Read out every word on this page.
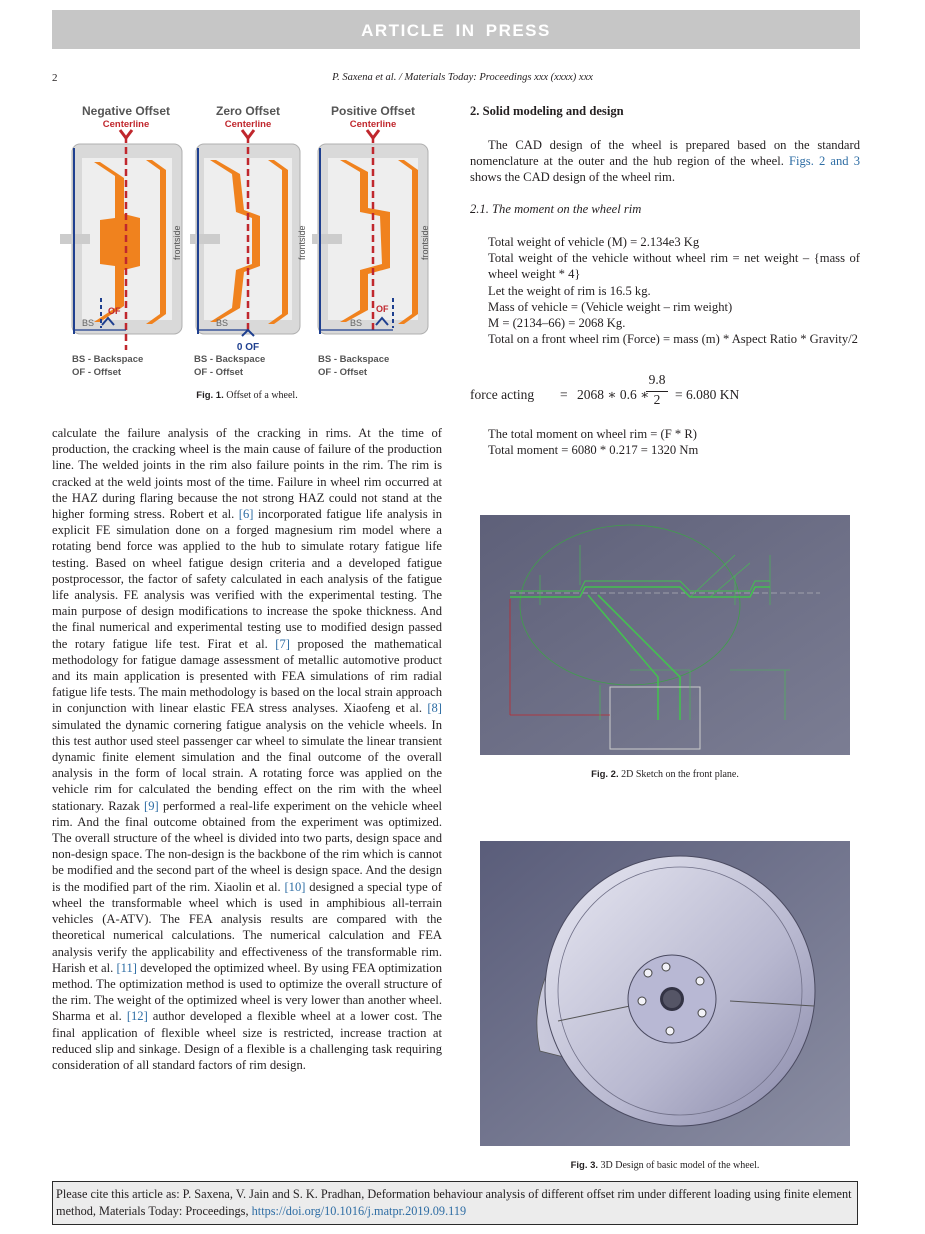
ARTICLE IN PRESS
2	P. Saxena et al. / Materials Today: Proceedings xxx (xxxx) xxx
Negative Offset	Zero Offset	Positive Offset
Centerline	Centerline	Centerline
OF
BS
frontside
BS
0 OF
frontside
OF
BS
frontside
BS - Backspace
OF - Offset
BS - Backspace
OF - Offset
BS - Backspace
OF - Offset
Fig. 1. Offset of a wheel.

calculate the failure analysis of the cracking in rims. At the time of production, the cracking wheel is the main cause of failure of the production line. The welded joints in the rim also failure points in the rim. The rim is cracked at the weld joints most of the time. Failure in wheel rim occurred at the HAZ during flaring because the not strong HAZ could not stand at the higher forming stress. Robert et al. [6] incorporated fatigue life analysis in explicit FE simulation done on a forged magnesium rim model where a rotating bend force was applied to the hub to simulate rotary fatigue life testing. Based on wheel fatigue design criteria and a developed fatigue postprocessor, the factor of safety calculated in each analysis of the fatigue life analysis. FE analysis was verified with the experimental testing. The main purpose of design modifications to increase the spoke thickness. And the final numerical and experimental testing use to modified design passed the rotary fatigue life test. Firat et al. [7] proposed the mathematical methodology for fatigue damage assessment of metallic automotive product and its main application is presented with FEA simulations of rim radial fatigue life tests. The main methodology is based on the local strain approach in conjunction with linear elastic FEA stress analyses. Xiaofeng et al. [8] simulated the dynamic cornering fatigue analysis on the vehicle wheels. In this test author used steel passenger car wheel to simulate the linear transient dynamic finite element simulation and the final outcome of the overall analysis in the form of local strain. A rotating force was applied on the vehicle rim for calculated the bending effect on the rim with the wheel stationary. Razak [9] performed a real-life experiment on the vehicle wheel rim. And the final outcome obtained from the experiment was optimized. The overall structure of the wheel is divided into two parts, design space and non-design space. The non-design is the backbone of the rim which is cannot be modified and the second part of the wheel is design space. And the design is the modified part of the rim. Xiaolin et al. [10] designed a special type of wheel the transformable wheel which is used in amphibious all-terrain vehicles (A-ATV). The FEA analysis results are compared with the theoretical numerical calculations. The numerical calculation and FEA analysis verify the applicability and effectiveness of the transformable rim. Harish et al. [11] developed the optimized wheel. By using FEA optimization method. The optimization method is used to optimize the overall structure of the rim. The weight of the optimized wheel is very lower than another wheel. Sharma et al. [12] author developed a flexible wheel at a lower cost. The final application of flexible wheel size is restricted, increase traction at reduced slip and sinkage. Design of a flexible is a challenging task requiring consideration of all standard factors of rim design.

2. Solid modeling and design

The CAD design of the wheel is prepared based on the standard nomenclature at the outer and the hub region of the wheel. Figs. 2 and 3 shows the CAD design of the wheel rim.

2.1. The moment on the wheel rim

Total weight of vehicle (M) = 2.134e3 Kg

Total weight of the vehicle without wheel rim = net weight – {mass of wheel weight * 4}

Let the weight of rim is 16.5 kg.

Mass of vehicle = (Vehicle weight – rim weight)

M = (2134–66) = 2068 Kg.

Total on a front wheel rim (Force) = mass (m) * Aspect Ratio * Gravity/2

force acting = 2068 ∗ 0.6 ∗
9.8
2	= 6.080 KN

The total moment on wheel rim = (F * R)

Total moment = 6080 * 0.217 = 1320 Nm

Fig. 2. 2D Sketch on the front plane.
Fig. 3. 3D Design of basic model of the wheel.
Please cite this article as: P. Saxena, V. Jain and S. K. Pradhan, Deformation behaviour analysis of different offset rim under different loading using finite element method, Materials Today: Proceedings, https://doi.org/10.1016/j.matpr.2019.09.119
